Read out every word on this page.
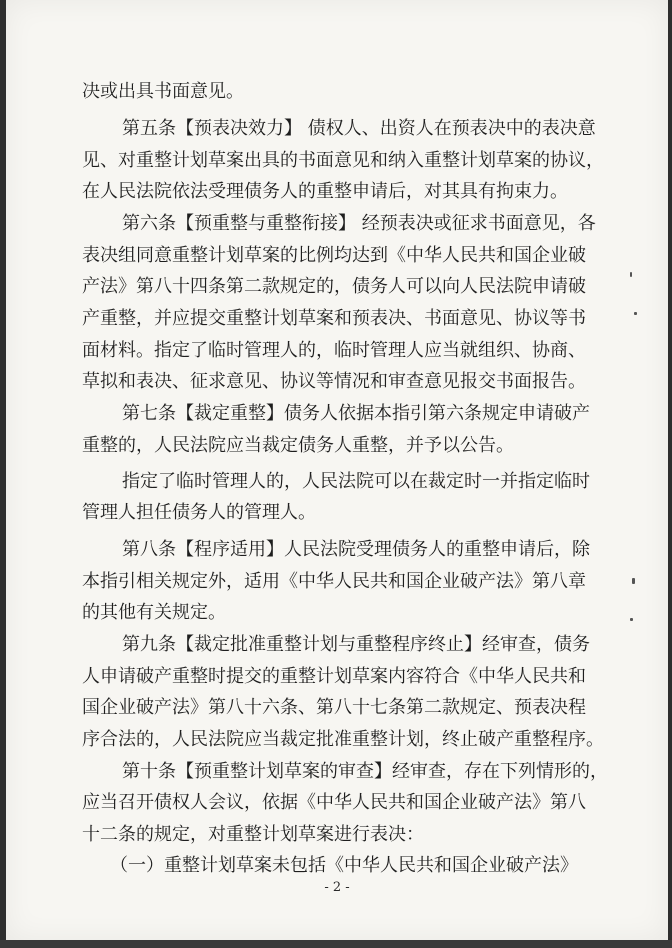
决或出具书面意见。
第五条【预表决效力】 债权人、出资人在预表决中的表决意
见、对重整计划草案出具的书面意见和纳入重整计划草案的协议，
在人民法院依法受理债务人的重整申请后，对其具有拘束力。
第六条【预重整与重整衔接】 经预表决或征求书面意见，各
表决组同意重整计划草案的比例均达到《中华人民共和国企业破
产法》第八十四条第二款规定的，债务人可以向人民法院申请破
产重整，并应提交重整计划草案和预表决、书面意见、协议等书
面材料。指定了临时管理人的，临时管理人应当就组织、协商、
草拟和表决、征求意见、协议等情况和审查意见报交书面报告。
第七条【裁定重整】债务人依据本指引第六条规定申请破产
重整的，人民法院应当裁定债务人重整，并予以公告。
指定了临时管理人的，人民法院可以在裁定时一并指定临时
管理人担任债务人的管理人。
第八条【程序适用】人民法院受理债务人的重整申请后，除
本指引相关规定外，适用《中华人民共和国企业破产法》第八章
的其他有关规定。
第九条【裁定批准重整计划与重整程序终止】经审查，债务
人申请破产重整时提交的重整计划草案内容符合《中华人民共和
国企业破产法》第八十六条、第八十七条第二款规定、预表决程
序合法的，人民法院应当裁定批准重整计划，终止破产重整程序。
第十条【预重整计划草案的审查】经审查，存在下列情形的，
应当召开债权人会议，依据《中华人民共和国企业破产法》第八
十二条的规定，对重整计划草案进行表决：
（一）重整计划草案未包括《中华人民共和国企业破产法》
- 2 -
